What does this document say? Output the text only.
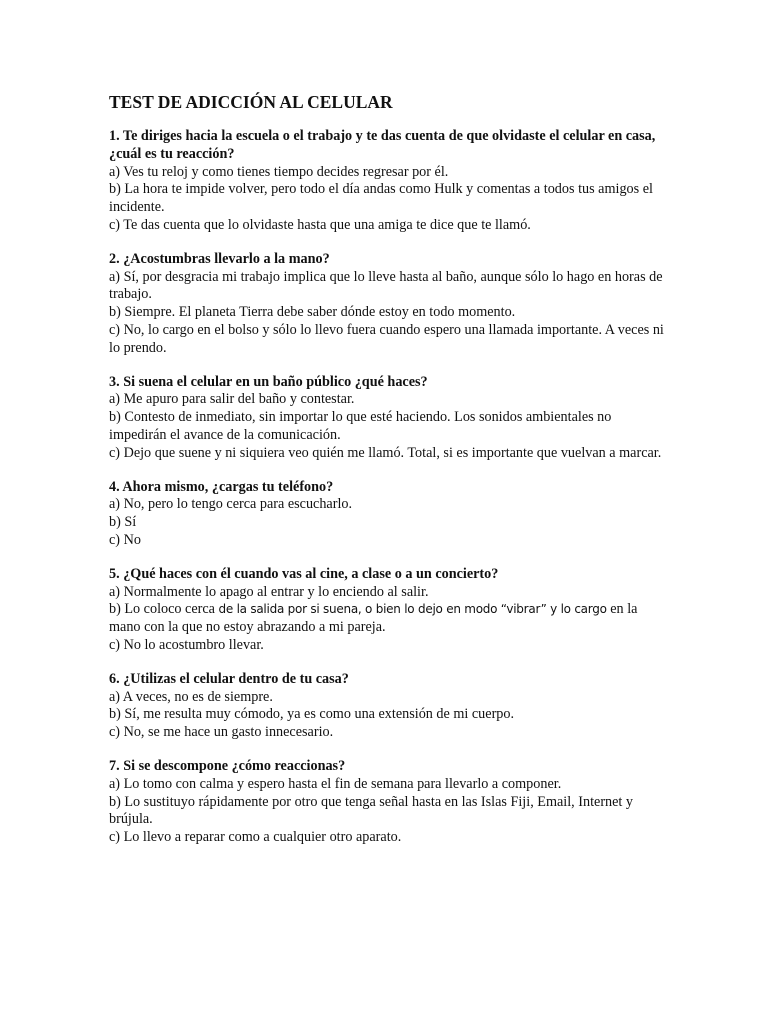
TEST DE ADICCIÓN AL CELULAR
1. Te diriges hacia la escuela o el trabajo y te das cuenta de que olvidaste el celular en casa, ¿cuál es tu reacción?
a) Ves tu reloj y como tienes tiempo decides regresar por él.
b) La hora te impide volver, pero todo el día andas como Hulk y comentas a todos tus amigos el incidente.
c) Te das cuenta que lo olvidaste hasta que una amiga te dice que te llamó.
2. ¿Acostumbras llevarlo a la mano?
a) Sí, por desgracia mi trabajo implica que lo lleve hasta al baño, aunque sólo lo hago en horas de trabajo.
b) Siempre. El planeta Tierra debe saber dónde estoy en todo momento.
c) No, lo cargo en el bolso y sólo lo llevo fuera cuando espero una llamada importante. A veces ni lo prendo.
3. Si suena el celular en un baño público ¿qué haces?
a) Me apuro para salir del baño y contestar.
b) Contesto de inmediato, sin importar lo que esté haciendo. Los sonidos ambientales no impedirán el avance de la comunicación.
c) Dejo que suene y ni siquiera veo quién me llamó. Total, si es importante que vuelvan a marcar.
4. Ahora mismo, ¿cargas tu teléfono?
a) No, pero lo tengo cerca para escucharlo.
b) Sí
c) No
5. ¿Qué haces con él cuando vas al cine, a clase o a un concierto?
a) Normalmente lo apago al entrar y lo enciendo al salir.
b) Lo coloco cerca de la salida por si suena, o bien lo dejo en modo “vibrar” y lo cargo en la mano con la que no estoy abrazando a mi pareja.
c) No lo acostumbro llevar.
6. ¿Utilizas el celular dentro de tu casa?
a) A veces, no es de siempre.
b) Sí, me resulta muy cómodo, ya es como una extensión de mi cuerpo.
c) No, se me hace un gasto innecesario.
7. Si se descompone ¿cómo reaccionas?
a) Lo tomo con calma y espero hasta el fin de semana para llevarlo a componer.
b) Lo sustituyo rápidamente por otro que tenga señal hasta en las Islas Fiji, Email, Internet y brújula.
c) Lo llevo a reparar como a cualquier otro aparato.
